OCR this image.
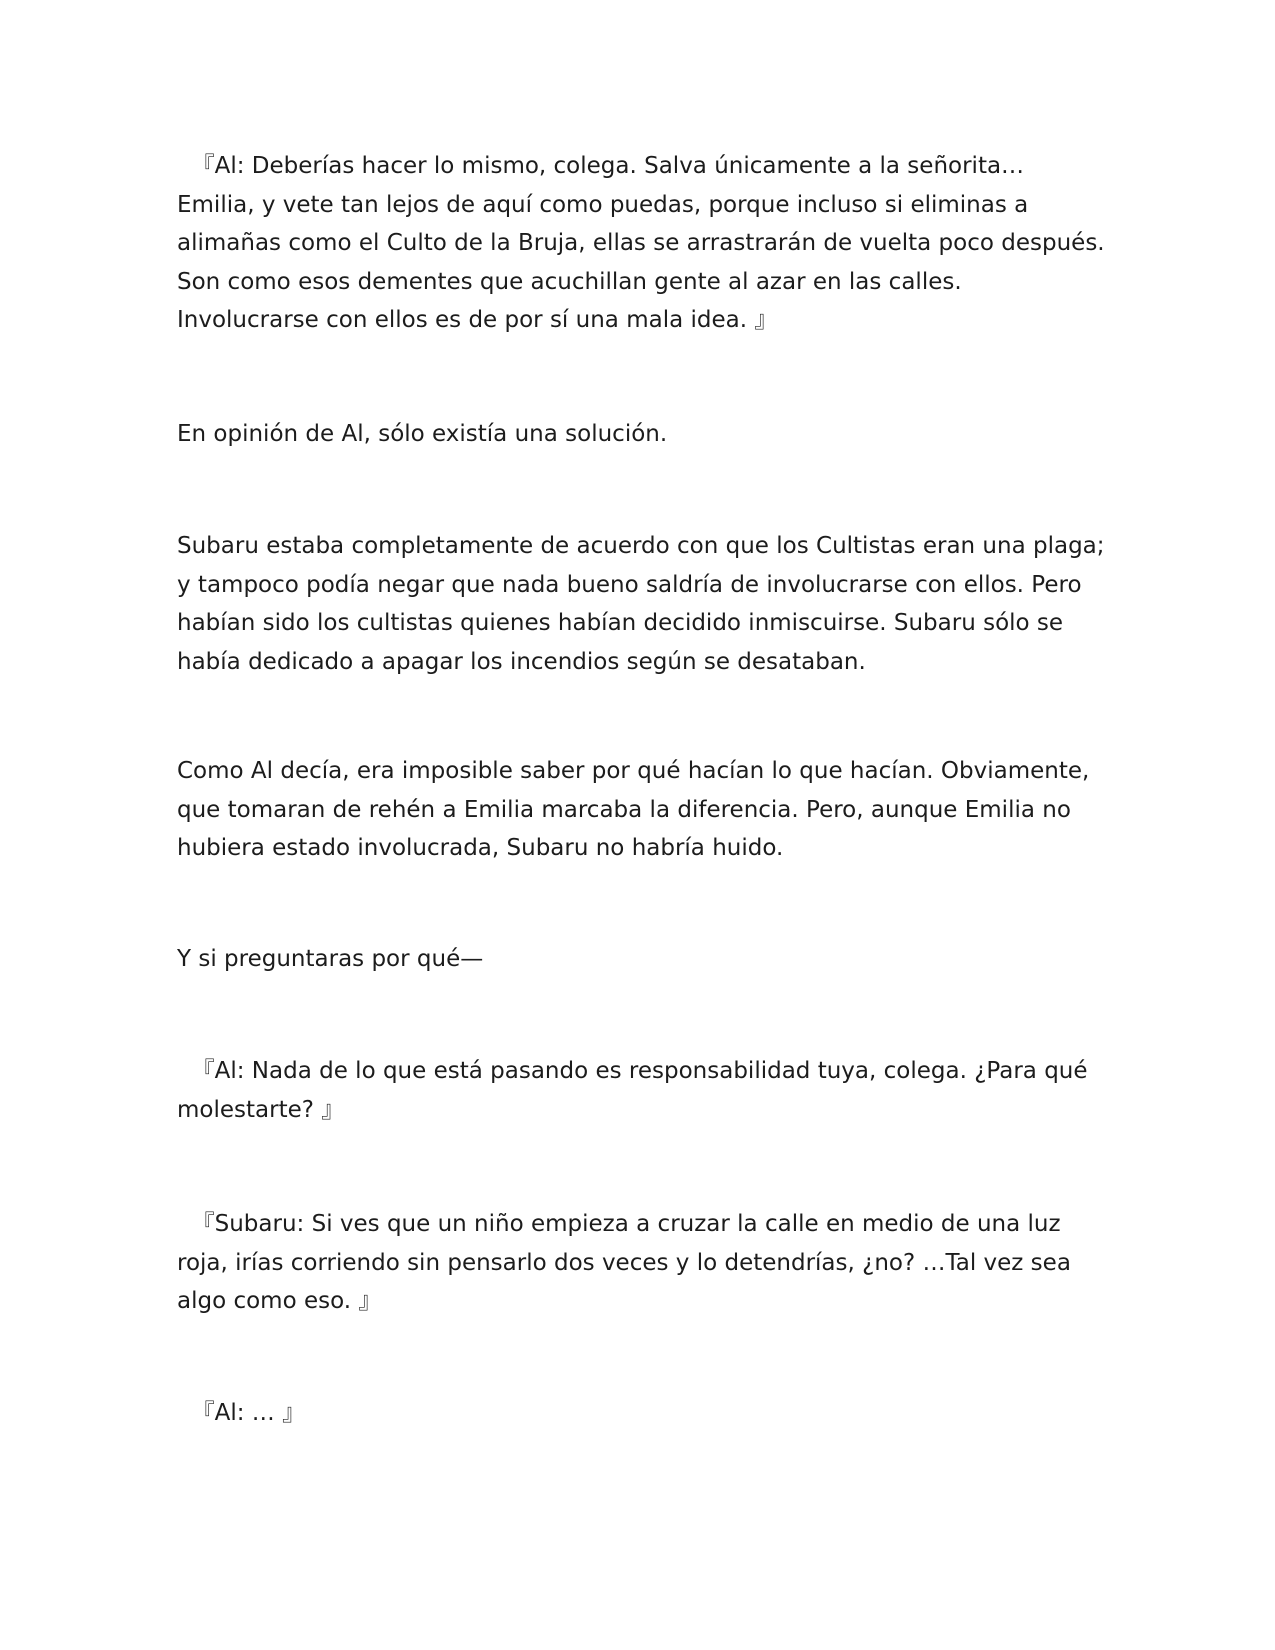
『Al: Deberías hacer lo mismo, colega. Salva únicamente a la señorita… Emilia, y vete tan lejos de aquí como puedas, porque incluso si eliminas a alimañas como el Culto de la Bruja, ellas se arrastrarán de vuelta poco después. Son como esos dementes que acuchillan gente al azar en las calles. Involucrarse con ellos es de por sí una mala idea. 』

En opinión de Al, sólo existía una solución.

Subaru estaba completamente de acuerdo con que los Cultistas eran una plaga; y tampoco podía negar que nada bueno saldría de involucrarse con ellos. Pero habían sido los cultistas quienes habían decidido inmiscuirse. Subaru sólo se había dedicado a apagar los incendios según se desataban.

Como Al decía, era imposible saber por qué hacían lo que hacían. Obviamente, que tomaran de rehén a Emilia marcaba la diferencia. Pero, aunque Emilia no hubiera estado involucrada, Subaru no habría huido.

Y si preguntaras por qué—

『Al: Nada de lo que está pasando es responsabilidad tuya, colega. ¿Para qué molestarte? 』

『Subaru: Si ves que un niño empieza a cruzar la calle en medio de una luz roja, irías corriendo sin pensarlo dos veces y lo detendrías, ¿no? …Tal vez sea algo como eso. 』

『Al: … 』
